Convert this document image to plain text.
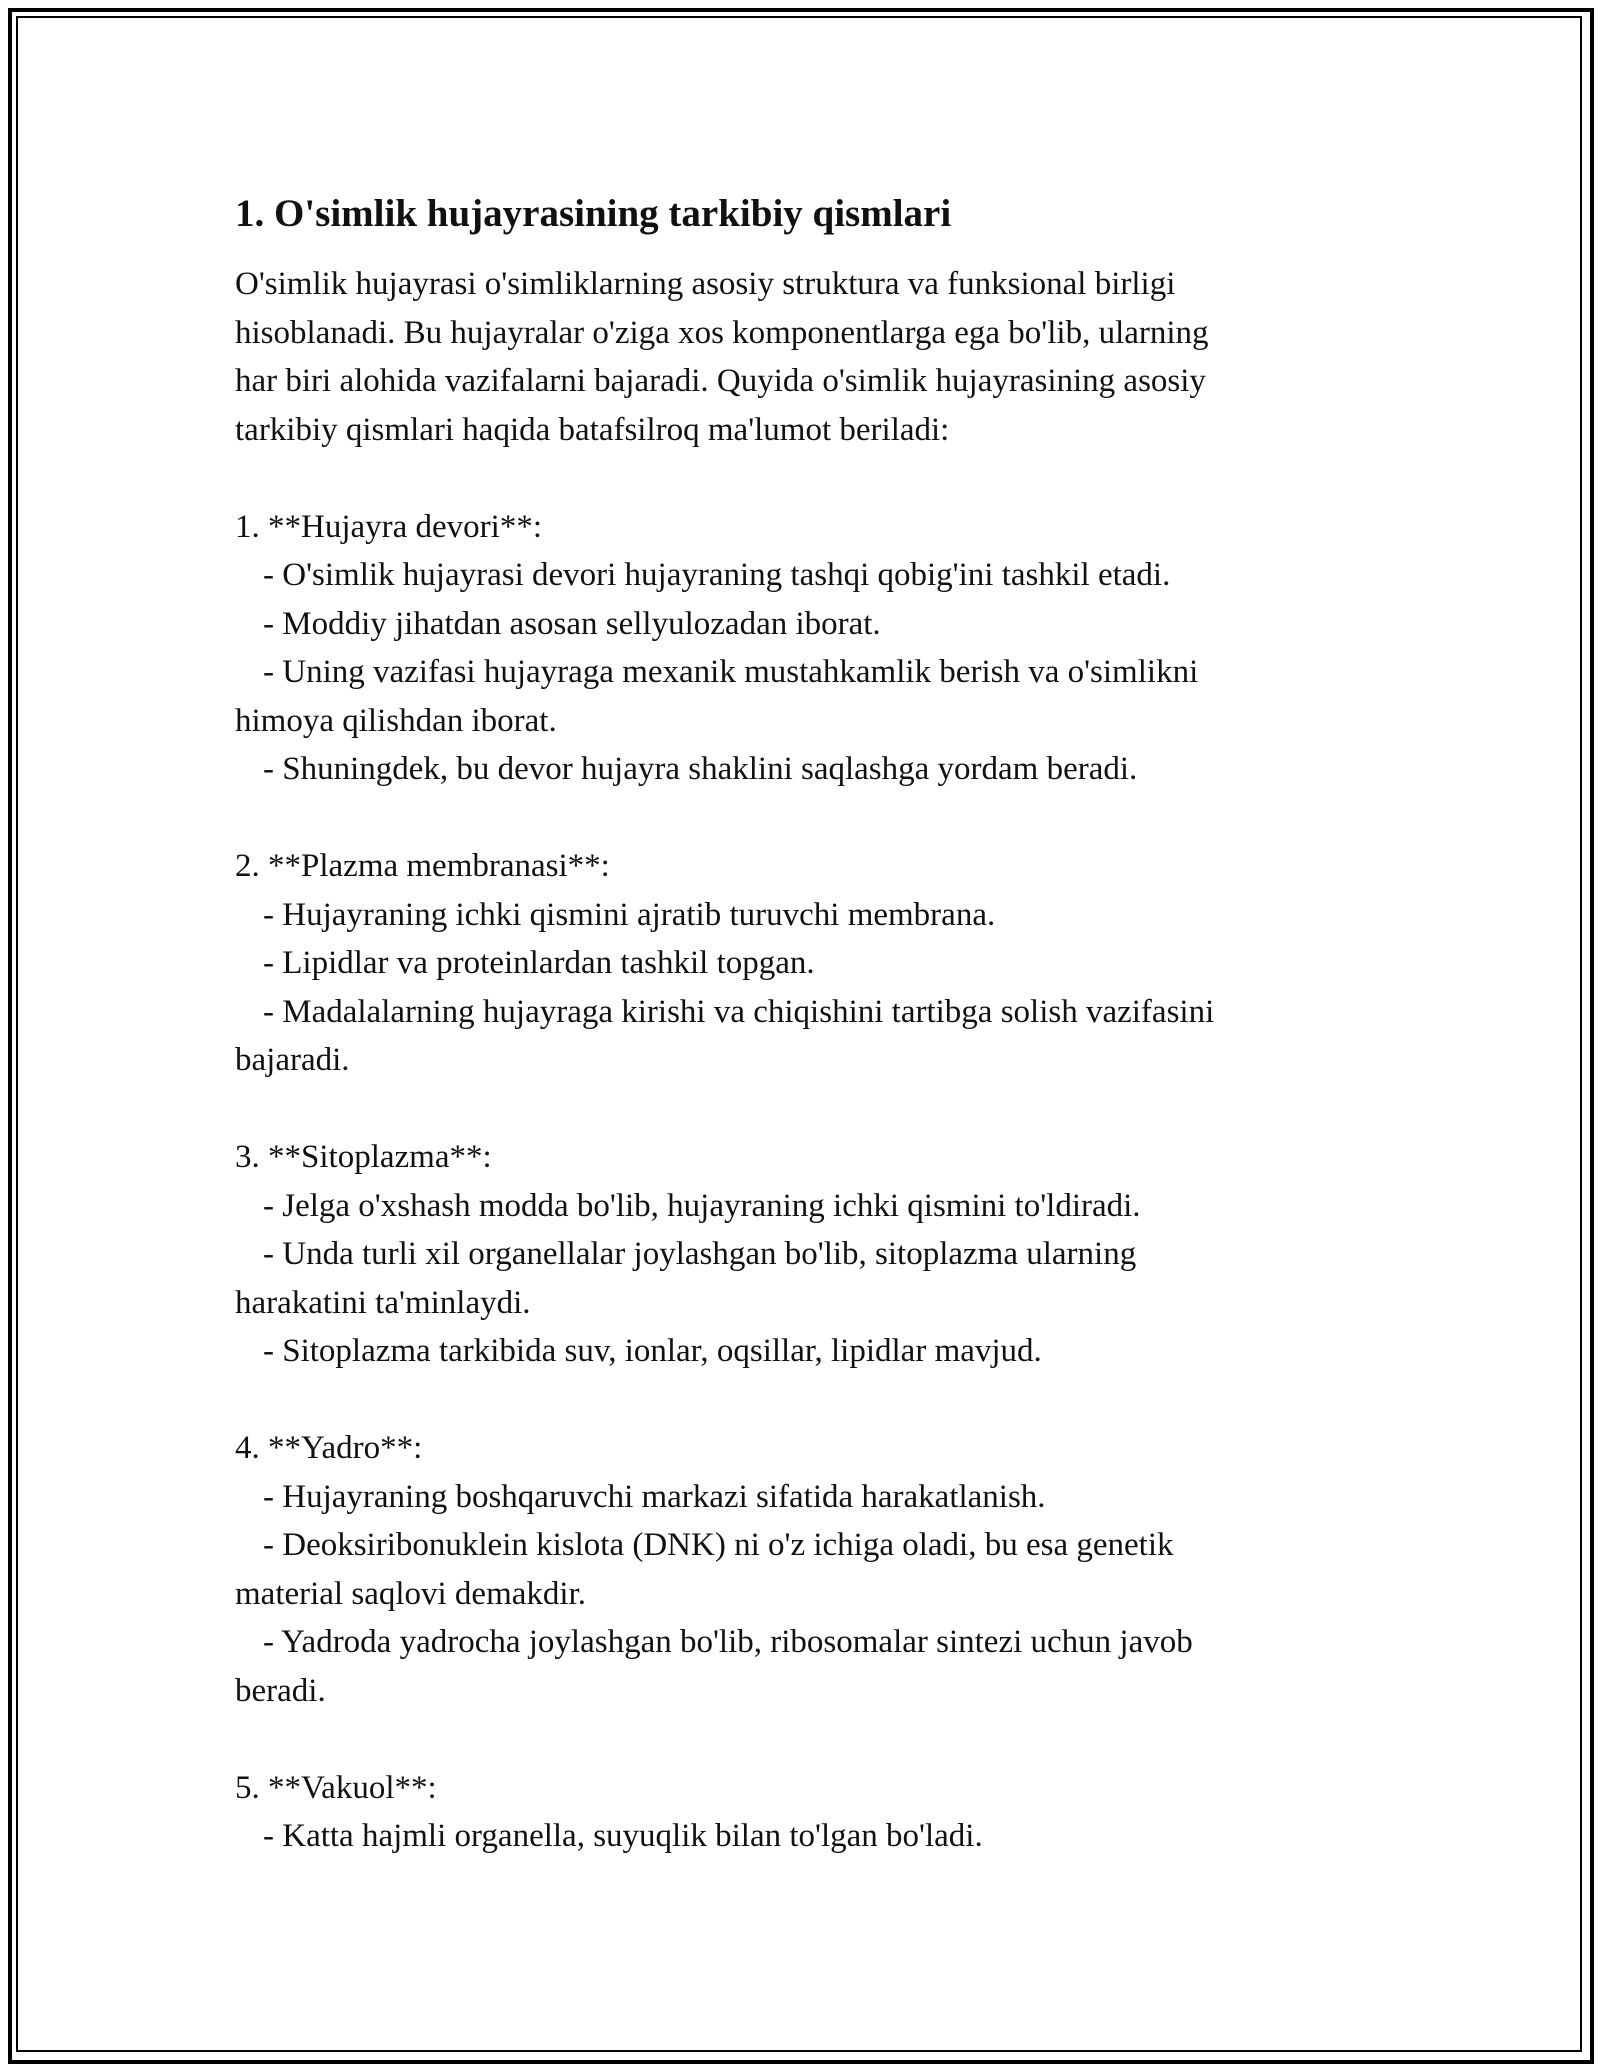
1. O'simlik hujayrasining tarkibiy qismlari
O'simlik hujayrasi o'simliklarning asosiy struktura va funksional birligi
hisoblanadi. Bu hujayralar o'ziga xos komponentlarga ega bo'lib, ularning
har biri alohida vazifalarni bajaradi. Quyida o'simlik hujayrasining asosiy
tarkibiy qismlari haqida batafsilroq ma'lumot beriladi:
1. **Hujayra devori**:
- O'simlik hujayrasi devori hujayraning tashqi qobig'ini tashkil etadi.
- Moddiy jihatdan asosan sellyulozadan iborat.
- Uning vazifasi hujayraga mexanik mustahkamlik berish va o'simlikni
himoya qilishdan iborat.
- Shuningdek, bu devor hujayra shaklini saqlashga yordam beradi.
2. **Plazma membranasi**:
- Hujayraning ichki qismini ajratib turuvchi membrana.
- Lipidlar va proteinlardan tashkil topgan.
- Madalalarning hujayraga kirishi va chiqishini tartibga solish vazifasini
bajaradi.
3. **Sitoplazma**:
- Jelga o'xshash modda bo'lib, hujayraning ichki qismini to'ldiradi.
- Unda turli xil organellalar joylashgan bo'lib, sitoplazma ularning
harakatini ta'minlaydi.
- Sitoplazma tarkibida suv, ionlar, oqsillar, lipidlar mavjud.
4. **Yadro**:
- Hujayraning boshqaruvchi markazi sifatida harakatlanish.
- Deoksiribonuklein kislota (DNK) ni o'z ichiga oladi, bu esa genetik
material saqlovi demakdir.
- Yadroda yadrocha joylashgan bo'lib, ribosomalar sintezi uchun javob
beradi.
5. **Vakuol**:
- Katta hajmli organella, suyuqlik bilan to'lgan bo'ladi.
